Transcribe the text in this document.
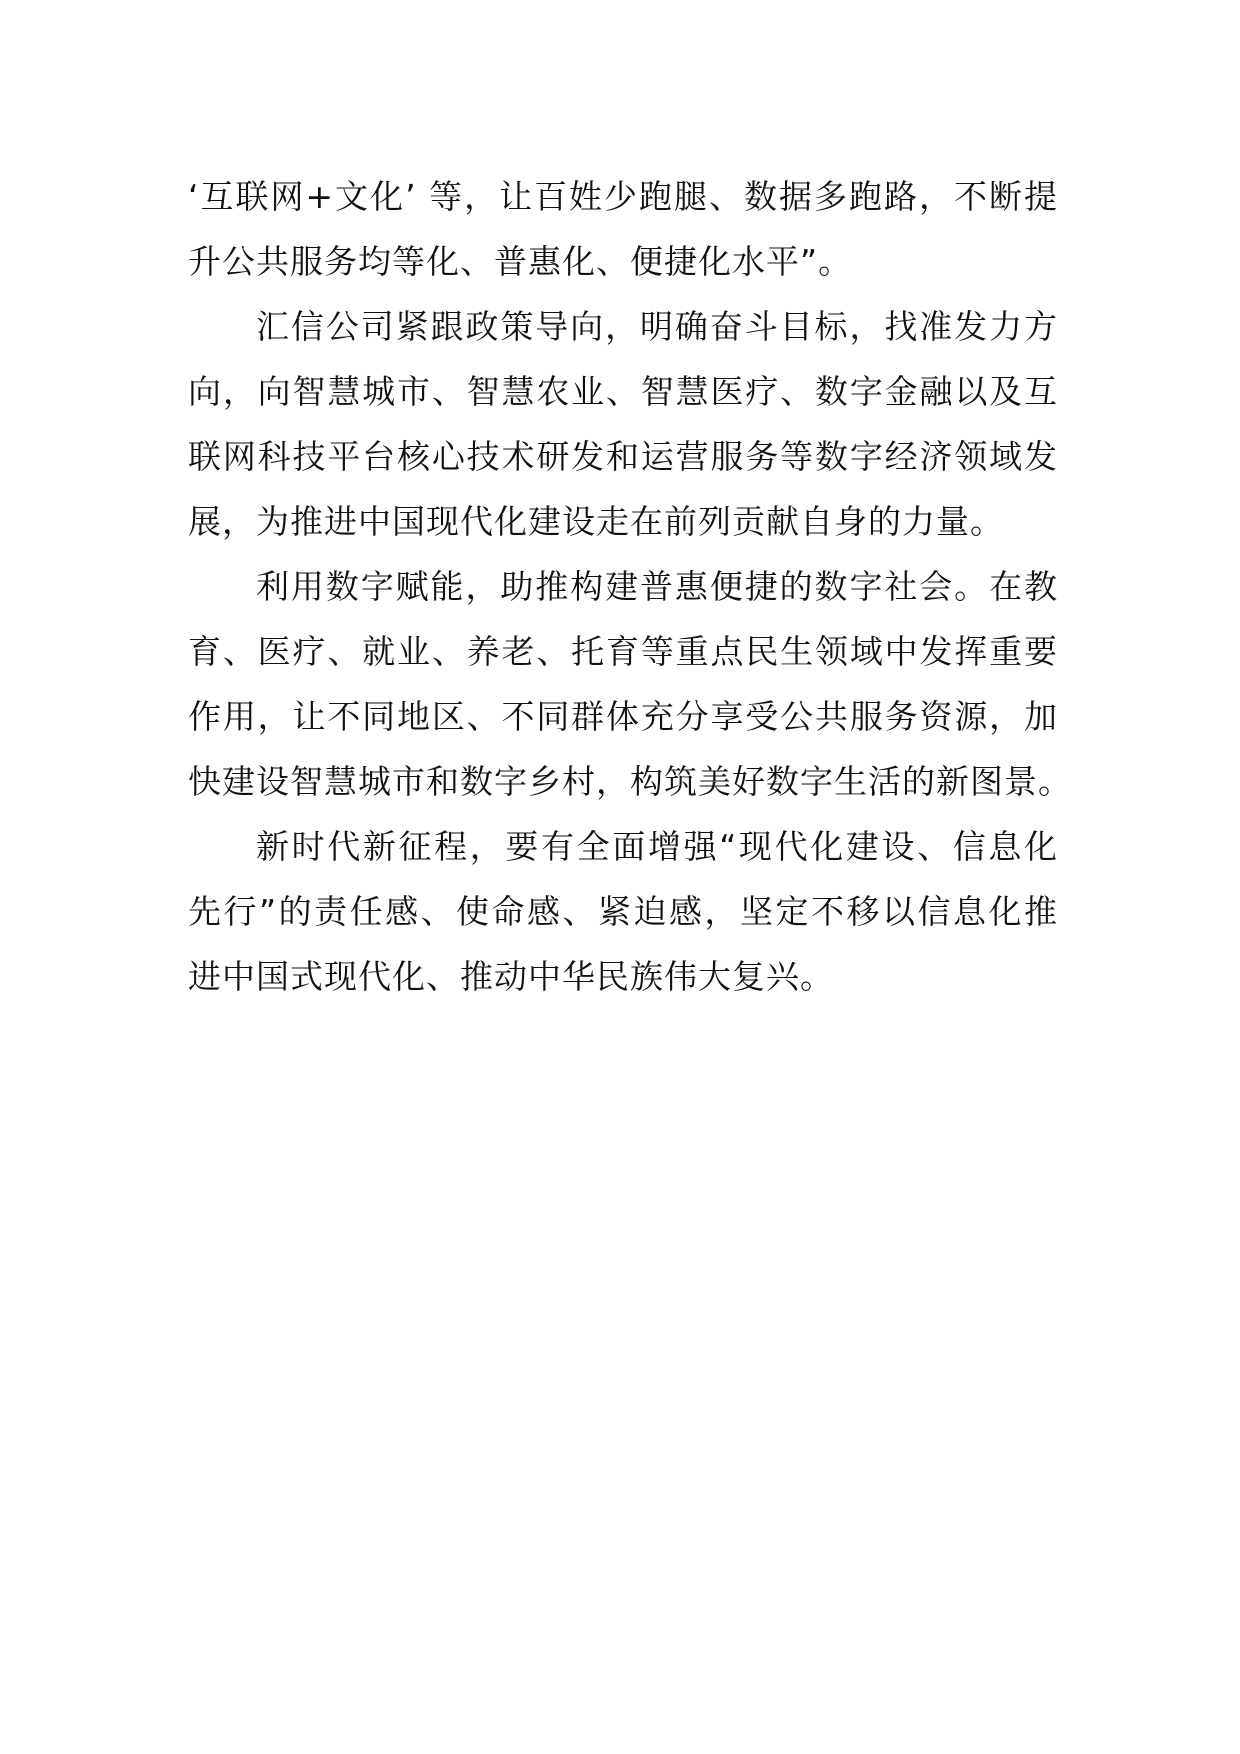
‘互联网+文化’ 等，让百姓少跑腿、数据多跑路，不断提
升公共服务均等化、普惠化、便捷化水平”。
汇信公司紧跟政策导向，明确奋斗目标，找准发力方
向，向智慧城市、智慧农业、智慧医疗、数字金融以及互
联网科技平台核心技术研发和运营服务等数字经济领域发
展，为推进中国现代化建设走在前列贡献自身的力量。
利用数字赋能，助推构建普惠便捷的数字社会。在教
育、医疗、就业、养老、托育等重点民生领域中发挥重要
作用，让不同地区、不同群体充分享受公共服务资源，加
快建设智慧城市和数字乡村，构筑美好数字生活的新图景。
新时代新征程，要有全面增强“现代化建设、信息化
先行”的责任感、使命感、紧迫感，坚定不移以信息化推
进中国式现代化、推动中华民族伟大复兴。
